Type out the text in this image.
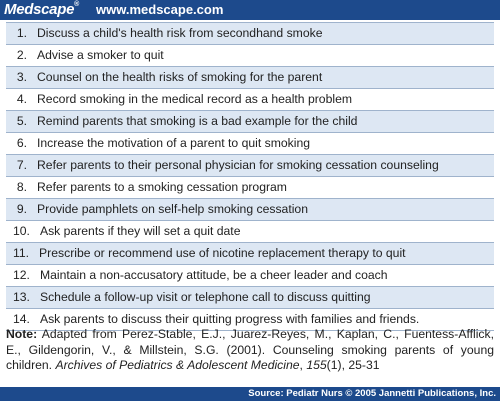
Medscape® www.medscape.com
1. Discuss a child's health risk from secondhand smoke
2. Advise a smoker to quit
3. Counsel on the health risks of smoking for the parent
4. Record smoking in the medical record as a health problem
5. Remind parents that smoking is a bad example for the child
6. Increase the motivation of a parent to quit smoking
7. Refer parents to their personal physician for smoking cessation counseling
8. Refer parents to a smoking cessation program
9. Provide pamphlets on self-help smoking cessation
10. Ask parents if they will set a quit date
11. Prescribe or recommend use of nicotine replacement therapy to quit
12. Maintain a non-accusatory attitude, be a cheer leader and coach
13. Schedule a follow-up visit or telephone call to discuss quitting
14. Ask parents to discuss their quitting progress with families and friends.
Note: Adapted from Perez-Stable, E.J., Juarez-Reyes, M., Kaplan, C., Fuentess-Afflick, E., Gildengorin, V., & Millstein, S.G. (2001). Counseling smoking parents of young children. Archives of Pediatrics & Adolescent Medicine, 155(1), 25-31
Source: Pediatr Nurs © 2005 Jannetti Publications, Inc.
